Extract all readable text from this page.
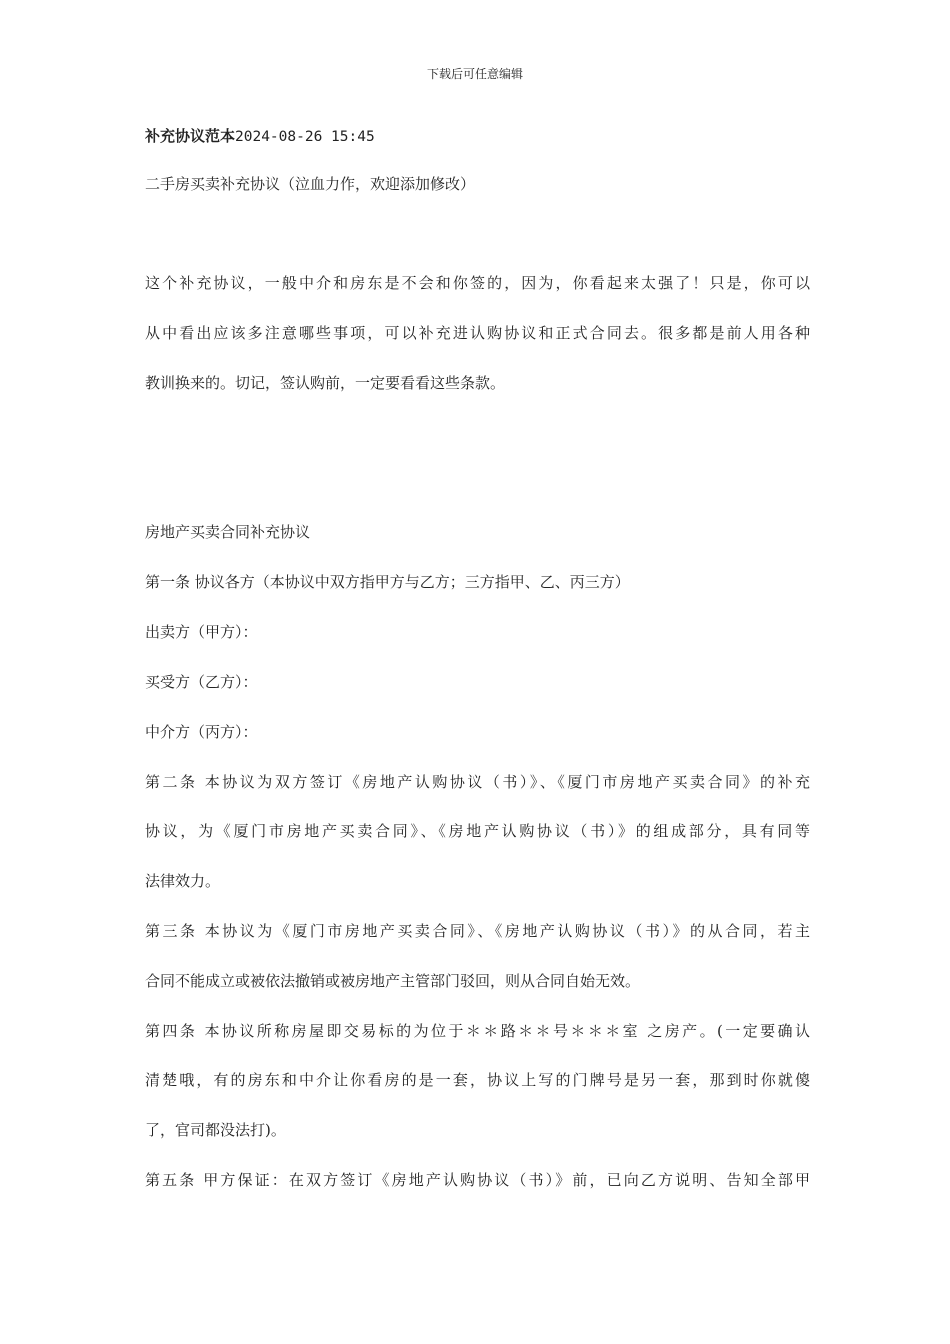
下载后可任意编辑
补充协议范本2024-08-26 15:45
二手房买卖补充协议（泣血力作，欢迎添加修改）
这个补充协议，一般中介和房东是不会和你签的，因为，你看起来太强了！只是，你可以
从中看出应该多注意哪些事项，可以补充进认购协议和正式合同去。很多都是前人用各种
教训换来的。切记，签认购前，一定要看看这些条款。
房地产买卖合同补充协议
第一条 协议各方（本协议中双方指甲方与乙方；三方指甲、乙、丙三方）
出卖方（甲方）：
买受方（乙方）：
中介方（丙方）：
第二条 本协议为双方签订《房地产认购协议（书）》、《厦门市房地产买卖合同》的补充
协议，为《厦门市房地产买卖合同》、《房地产认购协议（书）》的组成部分，具有同等
法律效力。
第三条 本协议为《厦门市房地产买卖合同》、《房地产认购协议（书）》的从合同，若主
合同不能成立或被依法撤销或被房地产主管部门驳回，则从合同自始无效。
第四条 本协议所称房屋即交易标的为位于＊＊路＊＊号＊＊＊室 之房产。(一定要确认
清楚哦，有的房东和中介让你看房的是一套，协议上写的门牌号是另一套，那到时你就傻
了，官司都没法打)。
第五条 甲方保证：在双方签订《房地产认购协议（书）》前，已向乙方说明、告知全部甲
